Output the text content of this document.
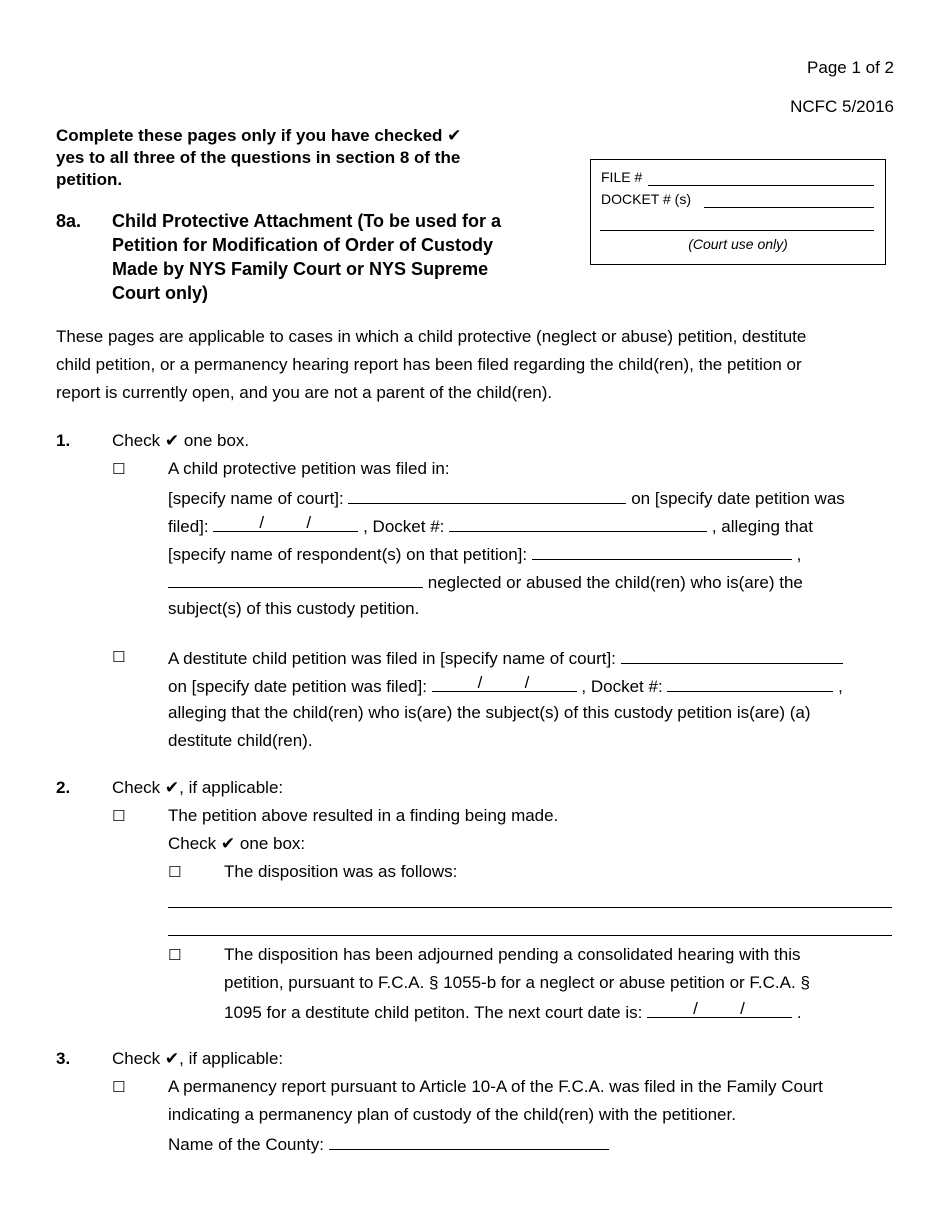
Page 1 of 2
NCFC 5/2016
Complete these pages only if you have checked ✔
yes to all three of the questions in section 8 of the
petition.	FILE #
DOCKET # (s)
(Court use only)
8a. Child Protective Attachment (To be used for a
Petition for Modification of Order of Custody
Made by NYS Family Court or NYS Supreme
Court only)
These pages are applicable to cases in which a child protective (neglect or abuse) petition, destitute
child petition, or a permanency hearing report has been filed regarding the child(ren), the petition or
report is currently open, and you are not a parent of the child(ren).
1. Check ✔ one box.
☐	A child protective petition was filed in:
[specify name of court]:	on [specify date petition was
filed]:	/ /	, Docket #:	, alleging that
[specify name of respondent(s) on that petition]:	,
neglected or abused the child(ren) who is(are) the
subject(s) of this custody petition.
☐	A destitute child petition was filed in [specify name of court]:
on [specify date petition was filed]:	/ /	, Docket #:	,
alleging that the child(ren) who is(are) the subject(s) of this custody petition is(are) (a)
destitute child(ren).
2. Check ✔, if applicable:
☐	The petition above resulted in a finding being made.
Check ✔ one box:
☐	The disposition was as follows:
☐	The disposition has been adjourned pending a consolidated hearing with this
petition, pursuant to F.C.A. § 1055-b for a neglect or abuse petition or F.C.A. §
1095 for a destitute child petiton. The next court date is:	/ /	.
3. Check ✔, if applicable:
☐	A permanency report pursuant to Article 10-A of the F.C.A. was filed in the Family Court
indicating a permanency plan of custody of the child(ren) with the petitioner.
Name of the County:
